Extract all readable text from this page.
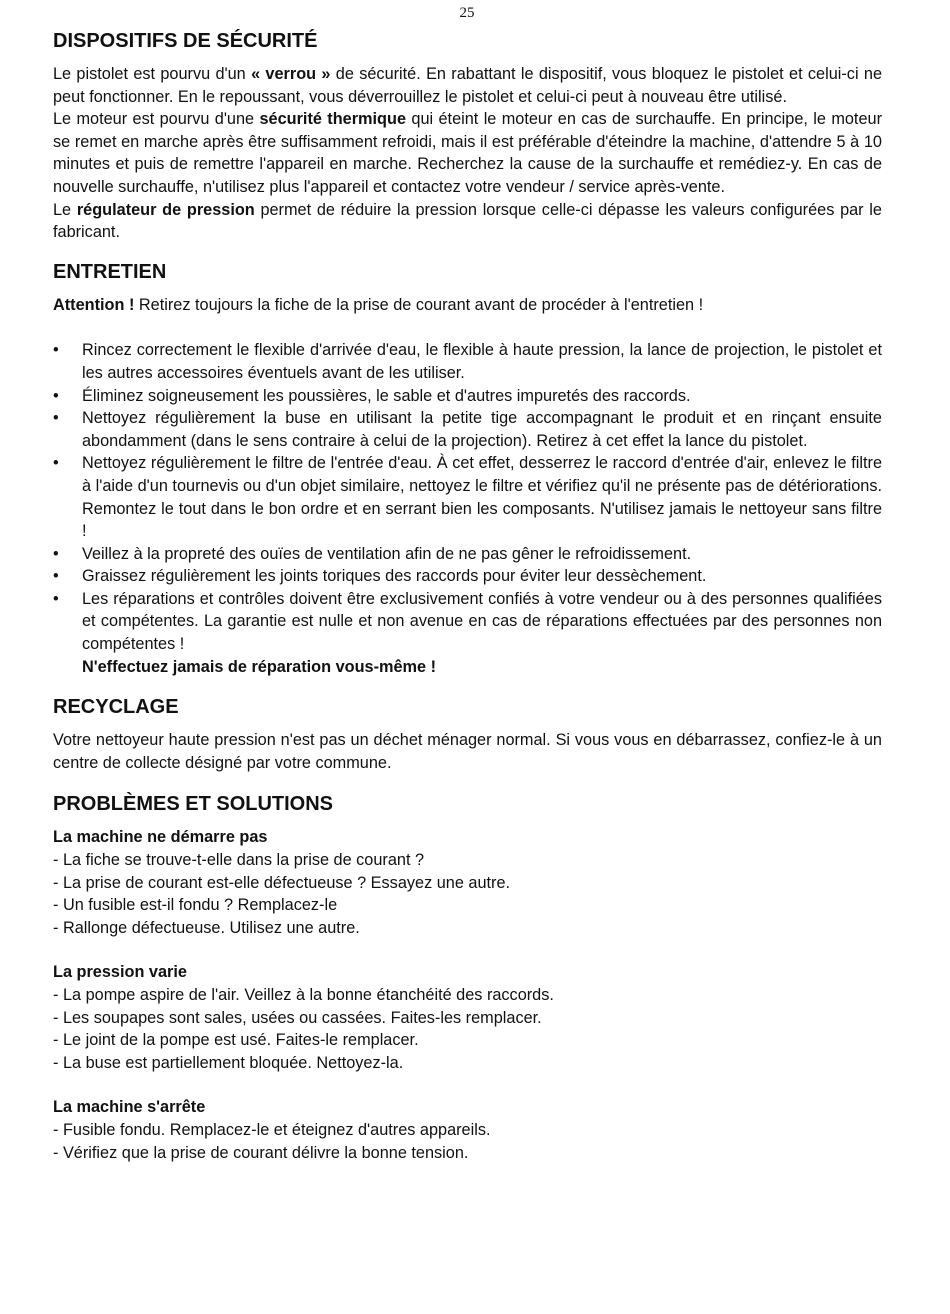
25
DISPOSITIFS DE SÉCURITÉ

Le pistolet est pourvu d'un « verrou » de sécurité. En rabattant le dispositif, vous bloquez le pistolet et celui-ci ne peut fonctionner. En le repoussant, vous déverrouillez le pistolet et celui-ci peut à nouveau être utilisé.

Le moteur est pourvu d'une sécurité thermique qui éteint le moteur en cas de surchauffe. En principe, le moteur se remet en marche après être suffisamment refroidi, mais il est préférable d'éteindre la machine, d'attendre 5 à 10 minutes et puis de remettre l'appareil en marche. Recherchez la cause de la surchauffe et remédiez-y. En cas de nouvelle surchauffe, n'utilisez plus l'appareil et contactez votre vendeur / service après-vente.

Le régulateur de pression permet de réduire la pression lorsque celle-ci dépasse les valeurs configurées par le fabricant.

ENTRETIEN

Attention ! Retirez toujours la fiche de la prise de courant avant de procéder à l'entretien !

• Rincez correctement le flexible d'arrivée d'eau, le flexible à haute pression, la lance de projection, le pistolet et les autres accessoires éventuels avant de les utiliser.
• Éliminez soigneusement les poussières, le sable et d'autres impuretés des raccords.
• Nettoyez régulièrement la buse en utilisant la petite tige accompagnant le produit et en rinçant ensuite abondamment (dans le sens contraire à celui de la projection). Retirez à cet effet la lance du pistolet.
• Nettoyez régulièrement le filtre de l'entrée d'eau. À cet effet, desserrez le raccord d'entrée d'air, enlevez le filtre à l'aide d'un tournevis ou d'un objet similaire, nettoyez le filtre et vérifiez qu'il ne présente pas de détériorations. Remontez le tout dans le bon ordre et en serrant bien les composants. N'utilisez jamais le nettoyeur sans filtre !
• Veillez à la propreté des ouïes de ventilation afin de ne pas gêner le refroidissement.
• Graissez régulièrement les joints toriques des raccords pour éviter leur dessèchement.
• Les réparations et contrôles doivent être exclusivement confiés à votre vendeur ou à des personnes qualifiées et compétentes. La garantie est nulle et non avenue en cas de réparations effectuées par des personnes non compétentes !
N'effectuez jamais de réparation vous-même !
RECYCLAGE

Votre nettoyeur haute pression n'est pas un déchet ménager normal. Si vous vous en débarrassez, confiez-le à un centre de collecte désigné par votre commune.

PROBLÈMES ET SOLUTIONS
La machine ne démarre pas
- La fiche se trouve-t-elle dans la prise de courant ?
- La prise de courant est-elle défectueuse ? Essayez une autre.
- Un fusible est-il fondu ? Remplacez-le
- Rallonge défectueuse. Utilisez une autre.
La pression varie
- La pompe aspire de l'air. Veillez à la bonne étanchéité des raccords.
- Les soupapes sont sales, usées ou cassées. Faites-les remplacer.
- Le joint de la pompe est usé. Faites-le remplacer.
- La buse est partiellement bloquée. Nettoyez-la.
La machine s'arrête
- Fusible fondu. Remplacez-le et éteignez d'autres appareils.
- Vérifiez que la prise de courant délivre la bonne tension.
